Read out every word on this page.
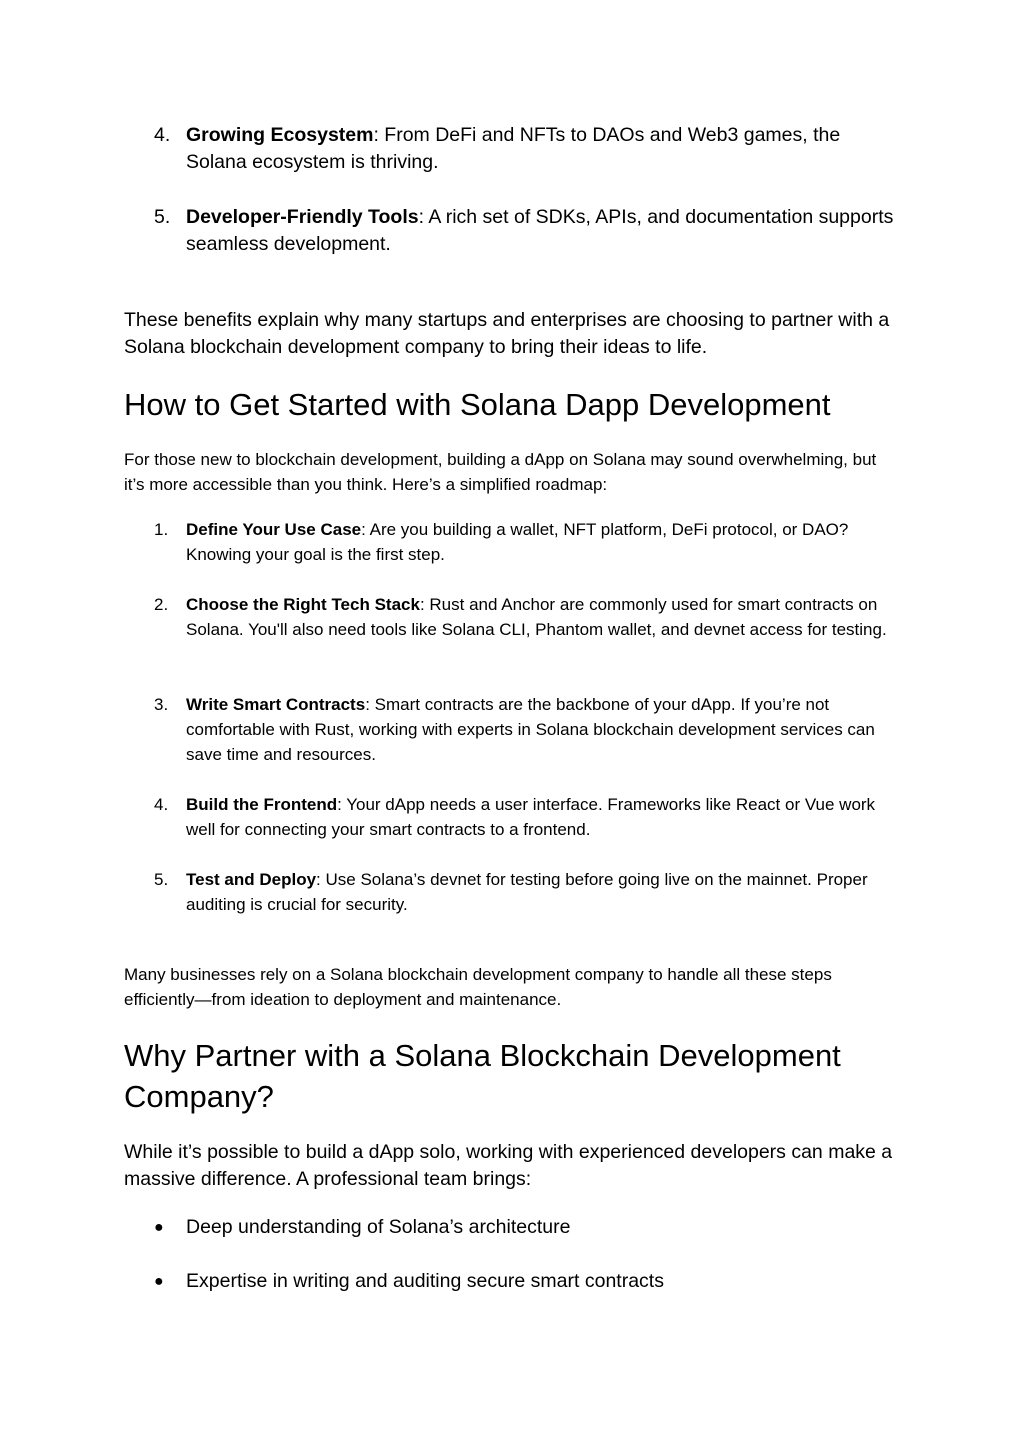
4. Growing Ecosystem: From DeFi and NFTs to DAOs and Web3 games, the Solana ecosystem is thriving.
5. Developer-Friendly Tools: A rich set of SDKs, APIs, and documentation supports seamless development.
These benefits explain why many startups and enterprises are choosing to partner with a Solana blockchain development company to bring their ideas to life.
How to Get Started with Solana Dapp Development
For those new to blockchain development, building a dApp on Solana may sound overwhelming, but it’s more accessible than you think. Here’s a simplified roadmap:
1. Define Your Use Case: Are you building a wallet, NFT platform, DeFi protocol, or DAO? Knowing your goal is the first step.
2. Choose the Right Tech Stack: Rust and Anchor are commonly used for smart contracts on Solana. You'll also need tools like Solana CLI, Phantom wallet, and devnet access for testing.
3. Write Smart Contracts: Smart contracts are the backbone of your dApp. If you’re not comfortable with Rust, working with experts in Solana blockchain development services can save time and resources.
4. Build the Frontend: Your dApp needs a user interface. Frameworks like React or Vue work well for connecting your smart contracts to a frontend.
5. Test and Deploy: Use Solana’s devnet for testing before going live on the mainnet. Proper auditing is crucial for security.
Many businesses rely on a Solana blockchain development company to handle all these steps efficiently—from ideation to deployment and maintenance.
Why Partner with a Solana Blockchain Development Company?
While it’s possible to build a dApp solo, working with experienced developers can make a massive difference. A professional team brings:
● Deep understanding of Solana’s architecture
● Expertise in writing and auditing secure smart contracts
